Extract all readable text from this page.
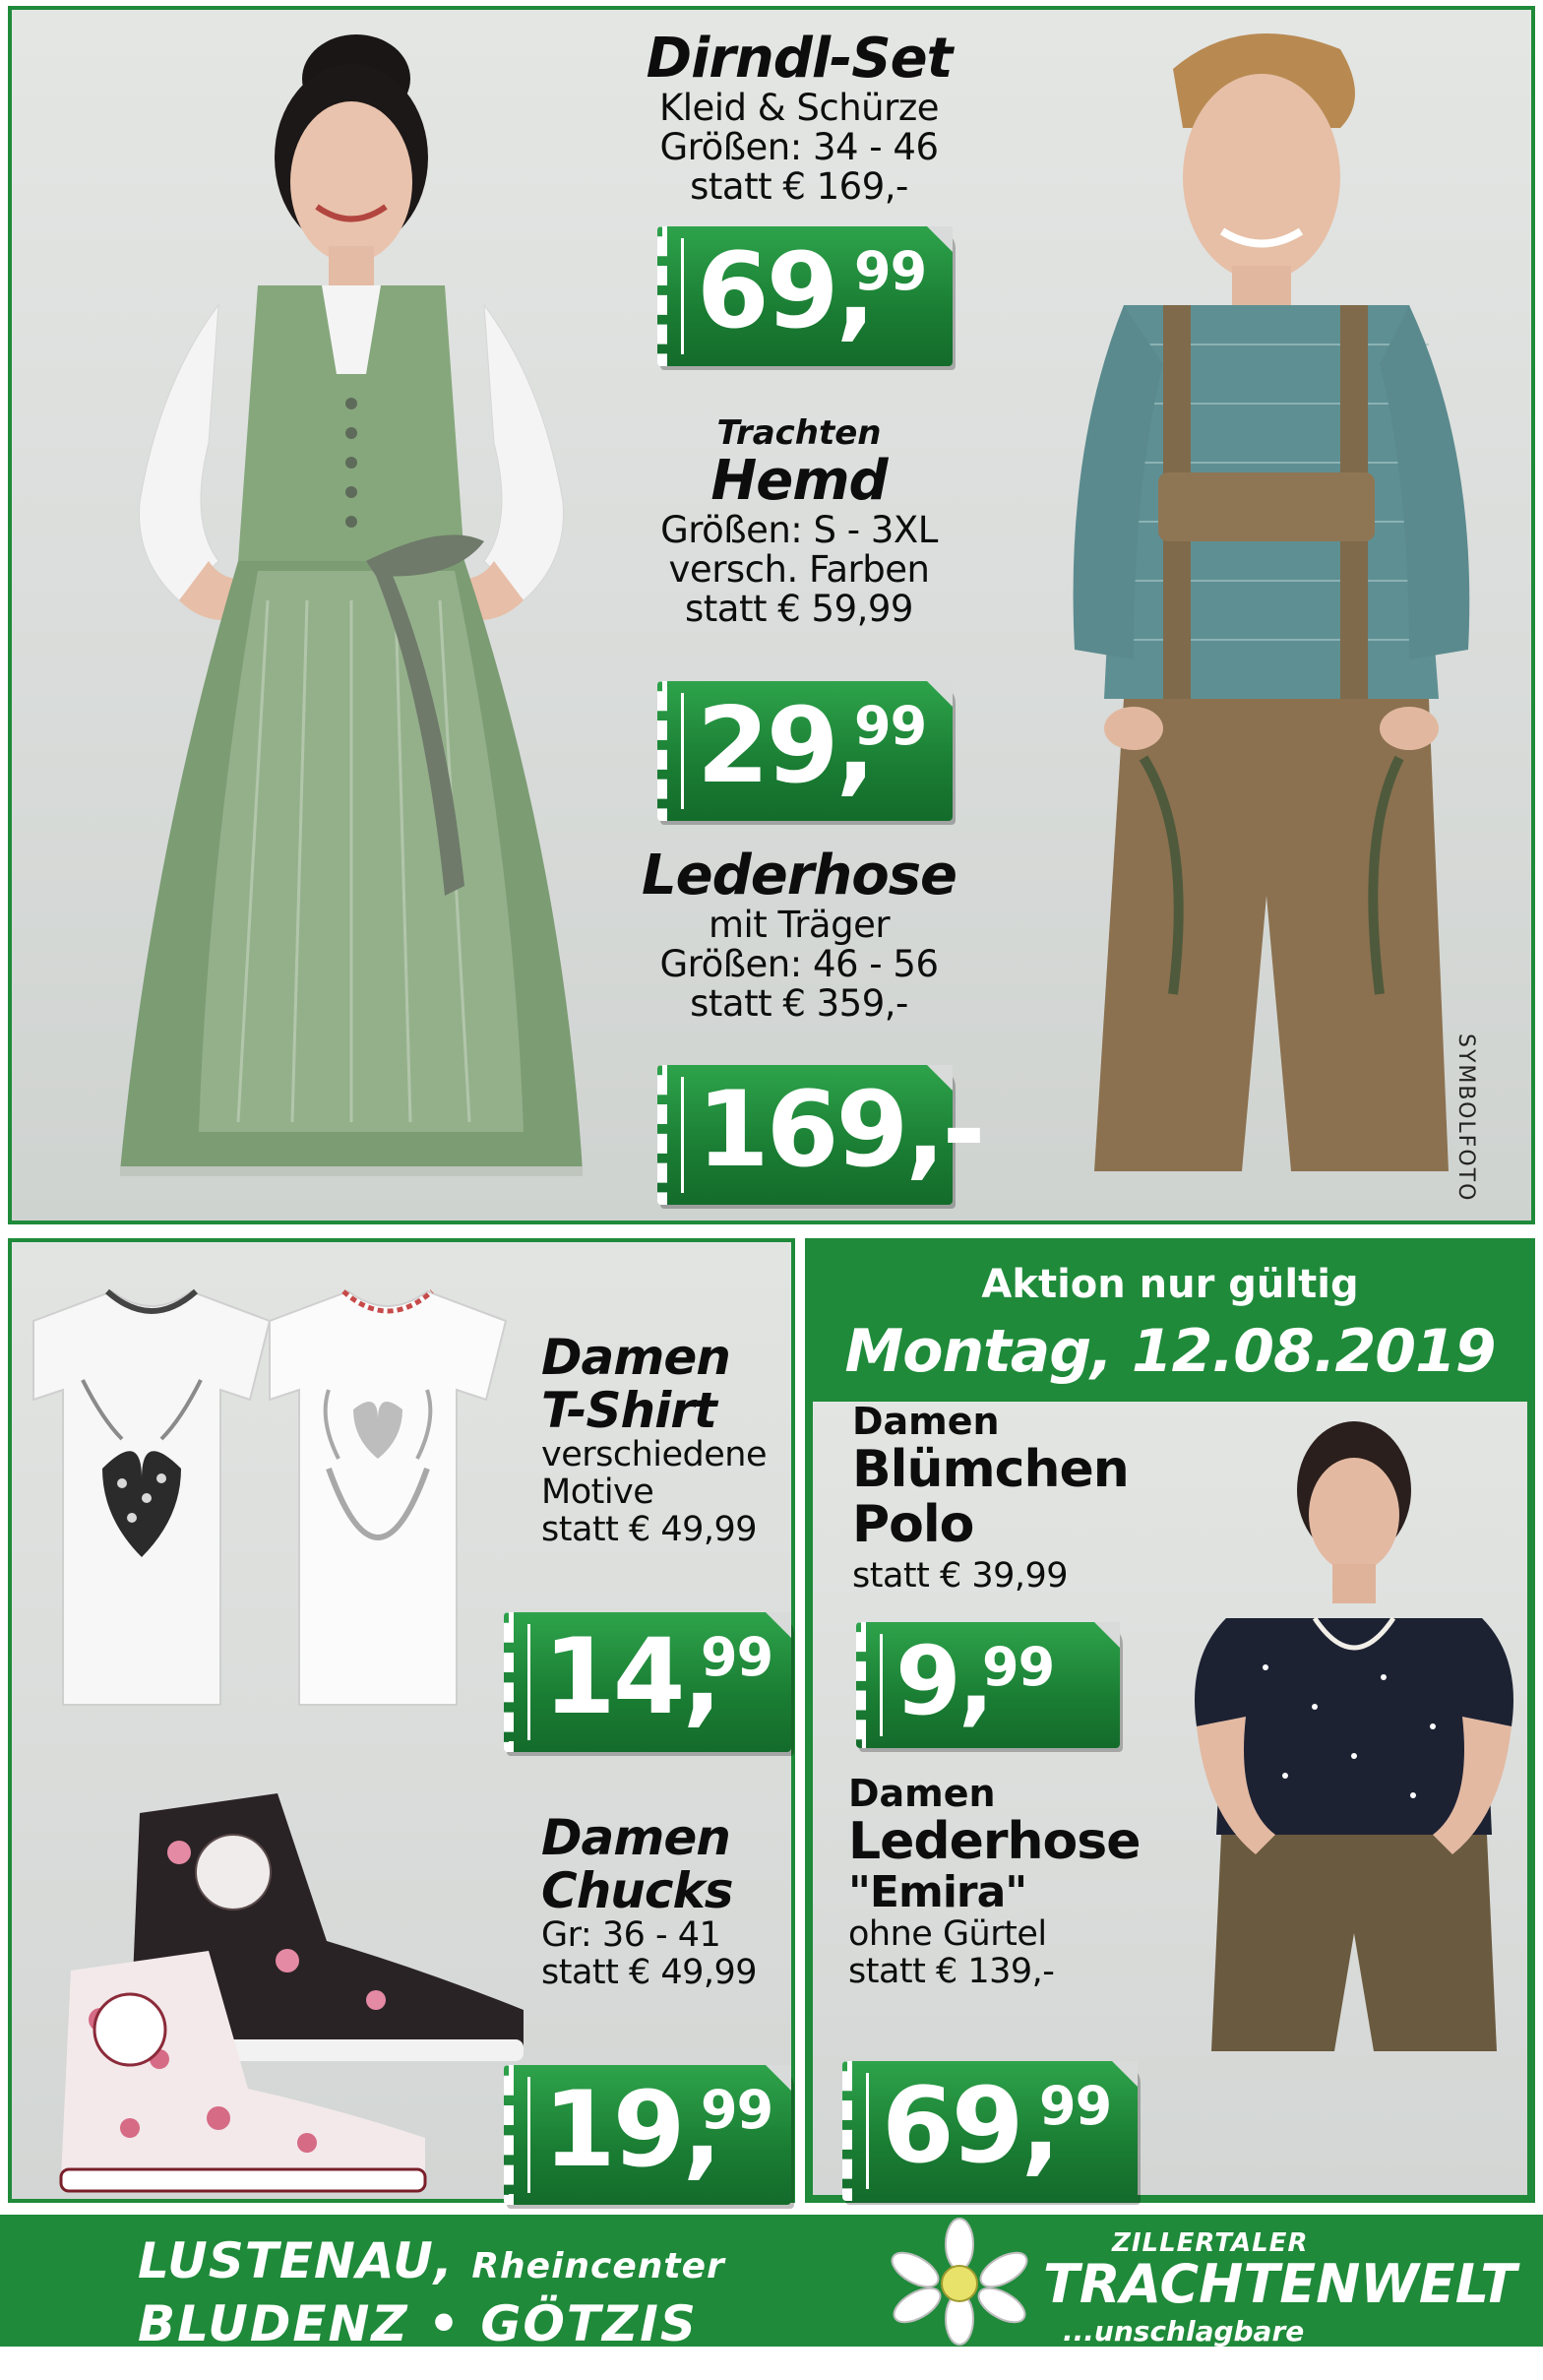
Dirndl-Set
Kleid & Schürze
Größen: 34 - 46
statt € 169,-
69,
99
Trachten
Hemd
Größen: S - 3XL
versch. Farben
statt € 59,99
29,
99
Lederhose
mit Träger
Größen: 46 - 56
statt € 359,-
169,-	SYMBOLFOTO
Damen
T-Shirt
verschiedene
Motive
statt € 49,99
14,
99
Damen
Chucks
Gr: 36 - 41
statt € 49,99
19,
99
Aktion nur gültig
Montag, 12.08.2019
Damen
Blümchen
Polo
statt € 39,99
9,
99
Damen
Lederhose
"Emira"
ohne Gürtel
statt € 139,-
69,
99
LUSTENAU, Rheincenter
BLUDENZ • GÖTZIS
ZILLERTALER
TRACHTENWELT
...unschlagbare Trachtenpreise!
